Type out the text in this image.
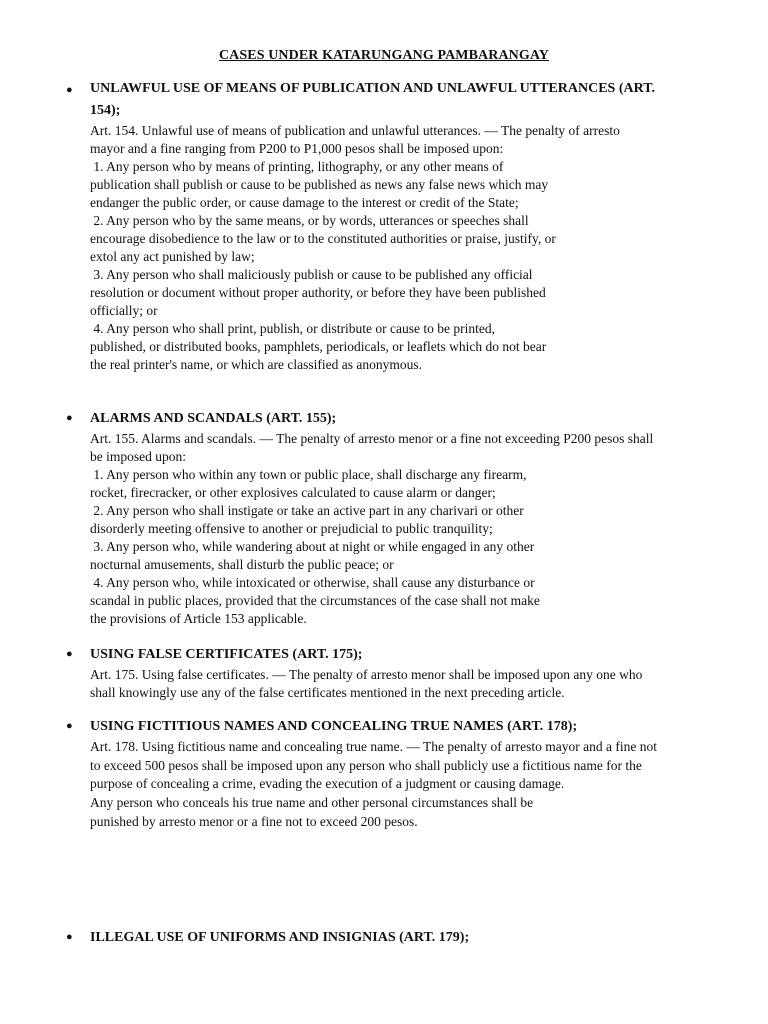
CASES UNDER KATARUNGANG PAMBARANGAY
● UNLAWFUL USE OF MEANS OF PUBLICATION AND UNLAWFUL UTTERANCES (ART.
154);
Art. 154. Unlawful use of means of publication and unlawful utterances. — The penalty of arresto
mayor and a fine ranging from P200 to P1,000 pesos shall be imposed upon:
1. Any person who by means of printing, lithography, or any other means of
publication shall publish or cause to be published as news any false news which may
endanger the public order, or cause damage to the interest or credit of the State;
2. Any person who by the same means, or by words, utterances or speeches shall
encourage disobedience to the law or to the constituted authorities or praise, justify, or
extol any act punished by law;
3. Any person who shall maliciously publish or cause to be published any official
resolution or document without proper authority, or before they have been published
officially; or
4. Any person who shall print, publish, or distribute or cause to be printed,
published, or distributed books, pamphlets, periodicals, or leaflets which do not bear
the real printer's name, or which are classified as anonymous.
● ALARMS AND SCANDALS (ART. 155);
Art. 155. Alarms and scandals. — The penalty of arresto menor or a fine not exceeding P200 pesos shall
be imposed upon:
1. Any person who within any town or public place, shall discharge any firearm,
rocket, firecracker, or other explosives calculated to cause alarm or danger;
2. Any person who shall instigate or take an active part in any charivari or other
disorderly meeting offensive to another or prejudicial to public tranquility;
3. Any person who, while wandering about at night or while engaged in any other
nocturnal amusements, shall disturb the public peace; or
4. Any person who, while intoxicated or otherwise, shall cause any disturbance or
scandal in public places, provided that the circumstances of the case shall not make
the provisions of Article 153 applicable.
● USING FALSE CERTIFICATES (ART. 175);
Art. 175. Using false certificates. — The penalty of arresto menor shall be imposed upon any one who
shall knowingly use any of the false certificates mentioned in the next preceding article.
● USING FICTITIOUS NAMES AND CONCEALING TRUE NAMES (ART. 178);
Art. 178. Using fictitious name and concealing true name. — The penalty of arresto mayor and a fine not
to exceed 500 pesos shall be imposed upon any person who shall publicly use a fictitious name for the
purpose of concealing a crime, evading the execution of a judgment or causing damage.
Any person who conceals his true name and other personal circumstances shall be
punished by arresto menor or a fine not to exceed 200 pesos.
● ILLEGAL USE OF UNIFORMS AND INSIGNIAS (ART. 179);
